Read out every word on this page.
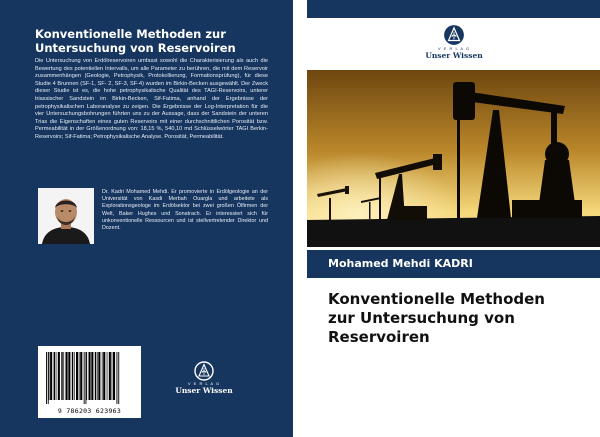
Konventionelle Methoden zur
Untersuchung von Reservoiren

Die Untersuchung von Erdölreservoiren umfasst sowohl die Charakterisierung als auch die Bewertung des potentiellen Intervalls, um alle Parameter zu berühren, die mit dem Reservoir zusammenhängen (Geologie, Petrophysik, Protokollierung, Formationsprüfung), für diese Studie 4 Brunnen (SF-1, SF- 2, SF-3, SF-4) wurden im Birkin-Becken ausgewählt. Der Zweck dieser Studie ist es, die hohe petrophysikalische Qualität des TAGI-Reservoirs, unterer triassischer Sandstein im Birkin-Becken, Sif-Fatima, anhand der Ergebnisse der petrophysikalischen Laboranalyse zu zeigen. Die Ergebnisse der Log-Interpretation für die vier Untersuchungsbohrungen führten uns zu der Aussage, dass der Sandstein der unteren Trias die Eigenschaften eines guten Reservoirs mit einer durchschnittlichen Porosität bzw. Permeabilität in der Größenordnung von: 18,15 %, 540,10 md Schlüsselwörter TAGI Berkin-Reservoirs; Sif-Fatima; Petrophysikalische Analyse. Porosität, Permeabilität.

Dr. Kadri Mohamed Mehdi. Er promovierte in Erdölgeologie an der Universität von Kasdi Merbah Ouargla und arbeitete als Explorationsgeologe im Erdölsektor bei zwei großen Ölfirmen der Welt, Baker Hughes und Sonatrach. Er interessiert sich für unkonventionelle Ressourcen und ist stellvertretender Direktor und Dozent.

9 786203 623963
V E R L A G
Unser Wissen
V E R L A G
Unser Wissen

Mohamed Mehdi KADRI

Konventionelle Methoden
zur Untersuchung von
Reservoiren
